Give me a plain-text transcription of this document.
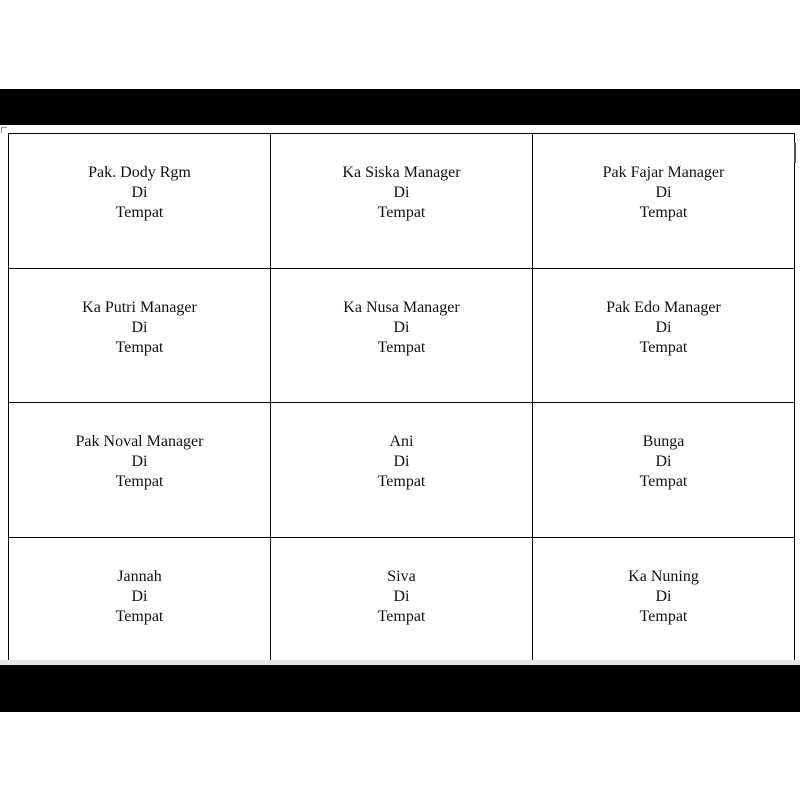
Pak. Dody Rgm
Di
Tempat
Ka Siska Manager
Di
Tempat
Pak Fajar Manager
Di
Tempat
Ka Putri Manager
Di
Tempat
Ka Nusa Manager
Di
Tempat
Pak Edo Manager
Di
Tempat
Pak Noval Manager
Di
Tempat
Ani
Di
Tempat
Bunga
Di
Tempat
Jannah
Di
Tempat
Siva
Di
Tempat
Ka Nuning
Di
Tempat
